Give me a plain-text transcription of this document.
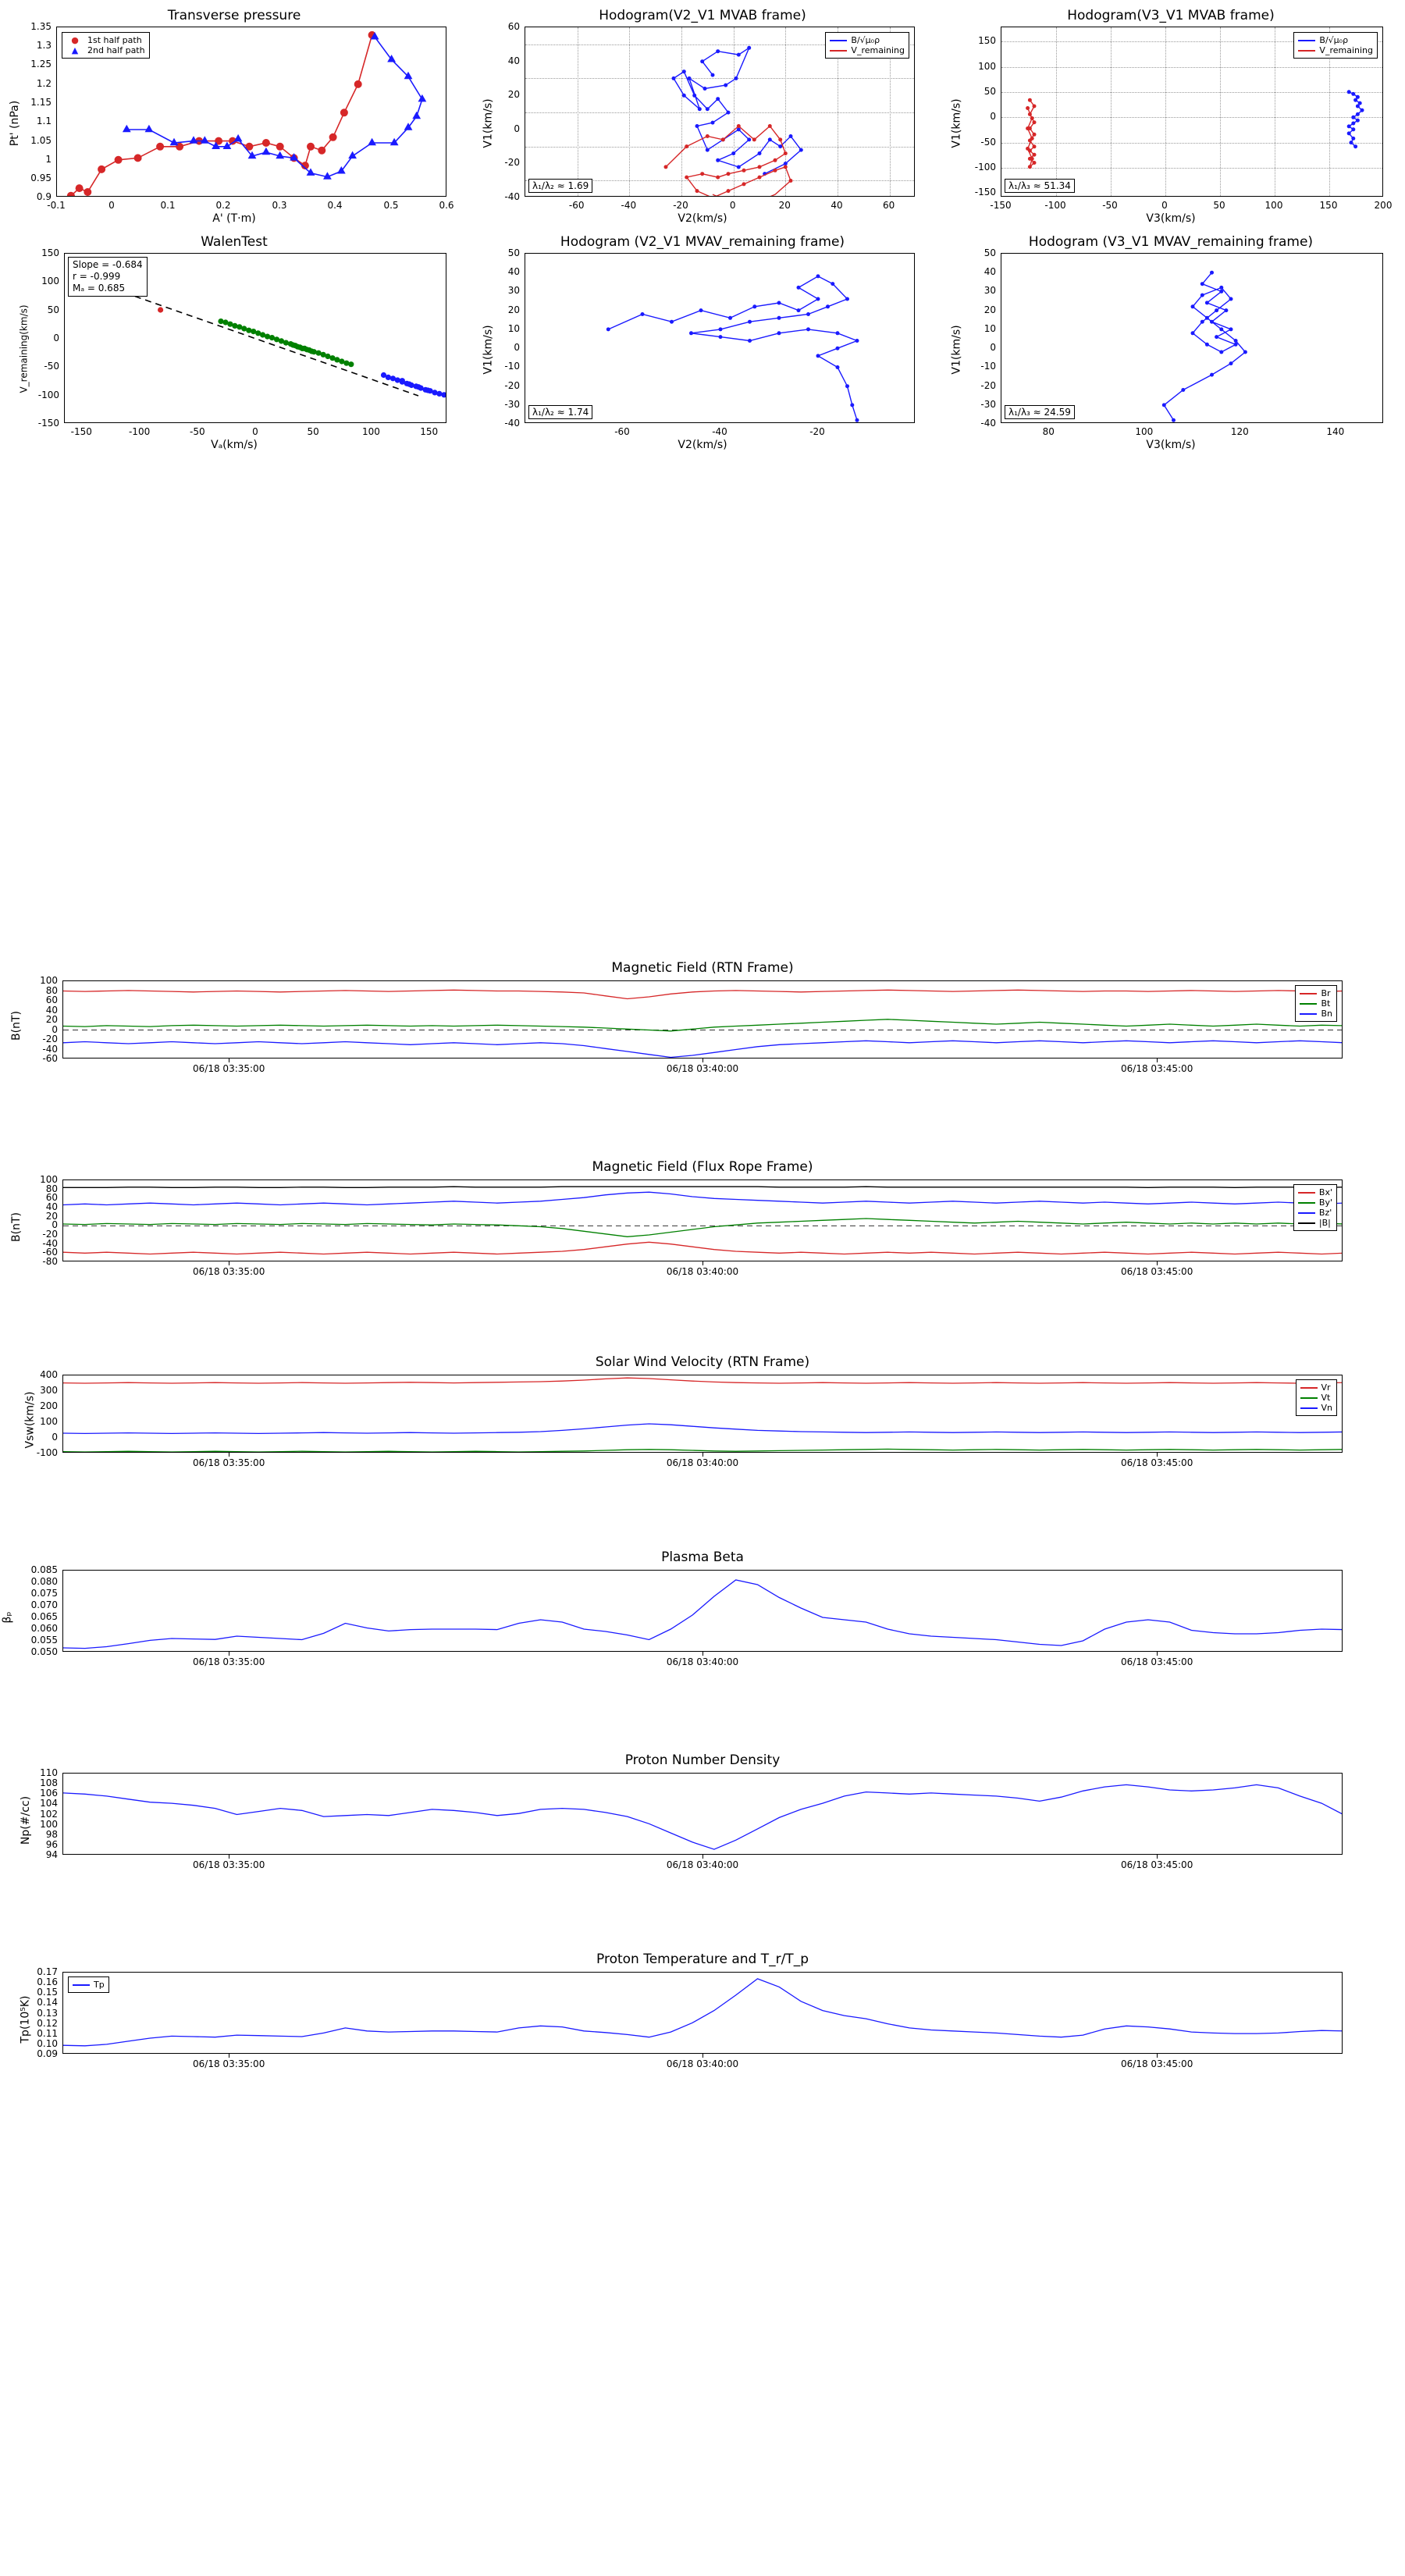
Transverse pressure
Pt' (nPa)
A' (T·m)
●	1st half path
▲	2nd half path
1.35
1.3
1.25
1.2
1.15
1.1
1.05
1
0.95
0.9
-0.1	0	0.1	0.2	0.3	0.4	0.5	0.6
Hodogram(V2_V1 MVAB frame)
V1(km/s)
V2(km/s)
B/√μ₀ρ
V_remaining
λ₁/λ₂ ≈ 1.69
60
40
20
0
-20
-40
-60	-40	-20	0	20	40	60
Hodogram(V3_V1 MVAB frame)
V1(km/s)
V3(km/s)
B/√μ₀ρ
V_remaining
λ₁/λ₃ ≈ 51.34
150
100
50
0
-50
-100
-150
-150	-100	-50	0	50	100	150	200
WalenTest
V_remaining(km/s)
Vₐ(km/s)
Slope = -0.684
r = -0.999
Mₐ = 0.685
150
100
50
0
-50
-100
-150
-150	-100	-50	0	50	100	150
Hodogram (V2_V1 MVAV_remaining frame)
V1(km/s)
V2(km/s)
λ₁/λ₂ ≈ 1.74
50
40
30
20
10
0
-10
-20
-30
-40
-60	-40	-20
Hodogram (V3_V1 MVAV_remaining frame)
V1(km/s)
V3(km/s)
λ₁/λ₃ ≈ 24.59
50
40
30
20
10
0
-10
-20
-30
-40
80	100	120	140
Magnetic Field (RTN Frame)
B(nT)
Br
Bt
Bn
-60
-40
-20
0
20
40
60
80
100
06/18 03:35:00	06/18 03:40:00	06/18 03:45:00
Magnetic Field (Flux Rope Frame)
B(nT)
Bx'
By'
Bz'
|B|
-80
-60
-40
-20
0
20
40
60
80
100
06/18 03:35:00	06/18 03:40:00	06/18 03:45:00
Solar Wind Velocity (RTN Frame)
Vsw(km/s)
Vr
Vt
Vn
-100
0
100
200
300
400
06/18 03:35:00	06/18 03:40:00	06/18 03:45:00
Plasma Beta
βₚ
0.050
0.055
0.060
0.065
0.070
0.075
0.080
0.085
06/18 03:35:00	06/18 03:40:00	06/18 03:45:00
Proton Number Density
Np(#/cc)
94
96
98
100
102
104
106
108
110
06/18 03:35:00	06/18 03:40:00	06/18 03:45:00
Proton Temperature and T_r/T_p
Tp(10⁵K)
Tp
0.09
0.10
0.11
0.12
0.13
0.14
0.15
0.16
0.17
06/18 03:35:00	06/18 03:40:00	06/18 03:45:00
